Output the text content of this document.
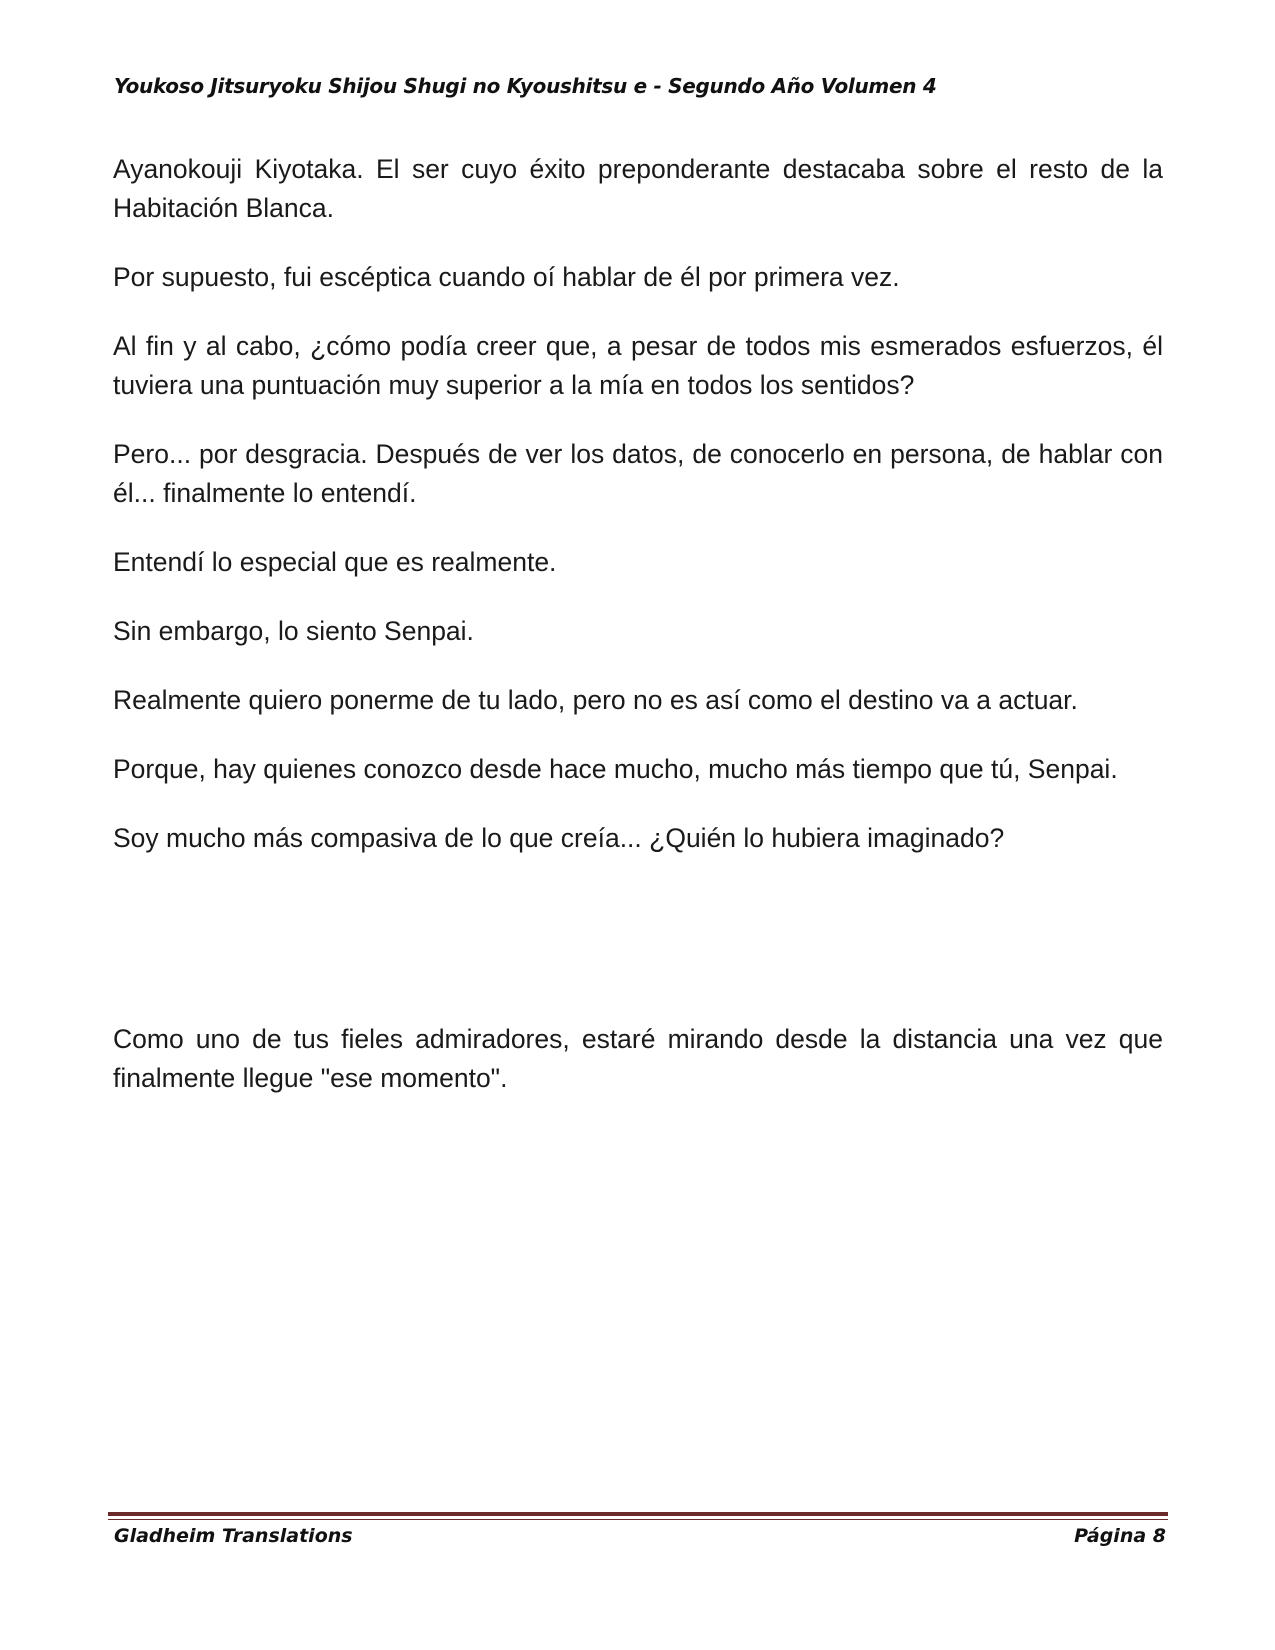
Youkoso Jitsuryoku Shijou Shugi no Kyoushitsu e - Segundo Año Volumen 4

Ayanokouji Kiyotaka. El ser cuyo éxito preponderante destacaba sobre el resto de la Habitación Blanca.

Por supuesto, fui escéptica cuando oí hablar de él por primera vez.

Al fin y al cabo, ¿cómo podía creer que, a pesar de todos mis esmerados esfuerzos, él tuviera una puntuación muy superior a la mía en todos los sentidos?

Pero... por desgracia. Después de ver los datos, de conocerlo en persona, de hablar con él... finalmente lo entendí.

Entendí lo especial que es realmente.

Sin embargo, lo siento Senpai.

Realmente quiero ponerme de tu lado, pero no es así como el destino va a actuar.

Porque, hay quienes conozco desde hace mucho, mucho más tiempo que tú, Senpai.

Soy mucho más compasiva de lo que creía... ¿Quién lo hubiera imaginado?

Como uno de tus fieles admiradores, estaré mirando desde la distancia una vez que finalmente llegue "ese momento".

Gladheim Translations	Página 8
